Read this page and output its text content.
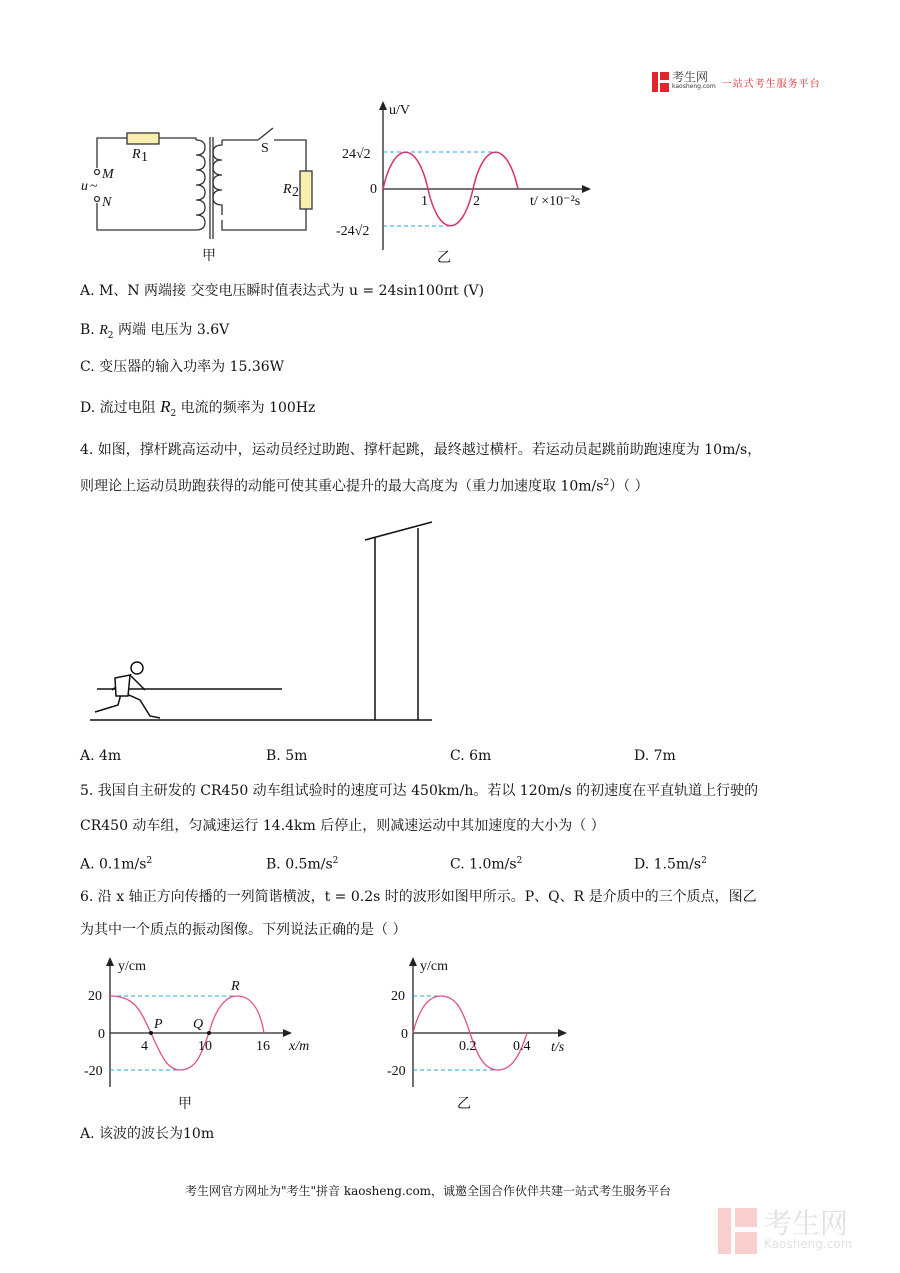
考生网
kaosheng.com 一站式考生服务平台
R 1
R 2
M
u ~
N
S
甲
u/V
24√2
-24√2
0
1	2	t/ ×10⁻²s
乙
y/cm
20
0
-20
4	10	16 x/m
P Q
R
甲
y/cm
20
0
-20
0.2	0.4 t/s
乙
A. M、N 两端接 交变电压瞬时值表达式为 u = 24sin100πt (V)
B. $R_2$ 两端 电压为 3.6V
C. 变压器的输入功率为 15.36W
D. 流过电阻 $R_2$ 电流的频率为 100Hz
4. 如图，撑杆跳高运动中，运动员经过助跑、撑杆起跳，最终越过横杆。若运动员起跳前助跑速度为 10m/s，
则理论上运动员助跑获得的动能可使其重心提升的最大高度为（重力加速度取 $10m/s^2$）（ ）
A. 4m	B. 5m	C. 6m	D. 7m
5. 我国自主研发的 CR450 动车组试验时的速度可达 450km/h。若以 120m/s 的初速度在平直轨道上行驶的
CR450 动车组，匀减速运行 14.4km 后停止，则减速运动中其加速度的大小为（ ）
A. $0.1m/s^2$	B. $0.5m/s^2$	C. $1.0m/s^2$	D. $1.5m/s^2$
6. 沿 x 轴正方向传播的一列简谐横波，t = 0.2s 时的波形如图甲所示。P、Q、R 是介质中的三个质点，图乙
为其中一个质点的振动图像。下列说法正确的是（ ）
A. 该波的波长为10m
考生网官方网址为"考生"拼音 kaosheng.com，诚邀全国合作伙伴共建一站式考生服务平台
考生网
Kaosheng.com
